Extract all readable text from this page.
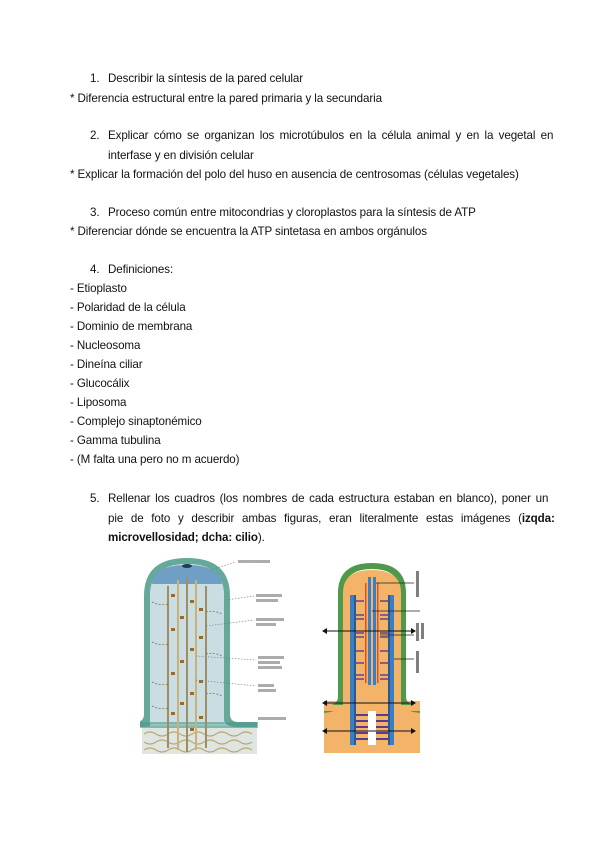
1. Describir la síntesis de la pared celular
* Diferencia estructural entre la pared primaria y la secundaria
2. Explicar cómo se organizan los microtúbulos en la célula animal y en la vegetal en
interfase y en división celular
* Explicar la formación del polo del huso en ausencia de centrosomas (células vegetales)
3. Proceso común entre mitocondrias y cloroplastos para la síntesis de ATP
* Diferenciar dónde se encuentra la ATP sintetasa en ambos orgánulos
4. Definiciones:
- Etioplasto
- Polaridad de la célula
- Dominio de membrana
- Nucleosoma
- Dineína ciliar
- Glucocálix
- Liposoma
- Complejo sinaptonémico
- Gamma tubulina
- (M falta una pero no m acuerdo)
5. Rellenar los cuadros (los nombres de cada estructura estaban en blanco), poner un
pie de foto y describir ambas figuras, eran literalmente estas imágenes (izqda:
microvellosidad; dcha: cilio).
